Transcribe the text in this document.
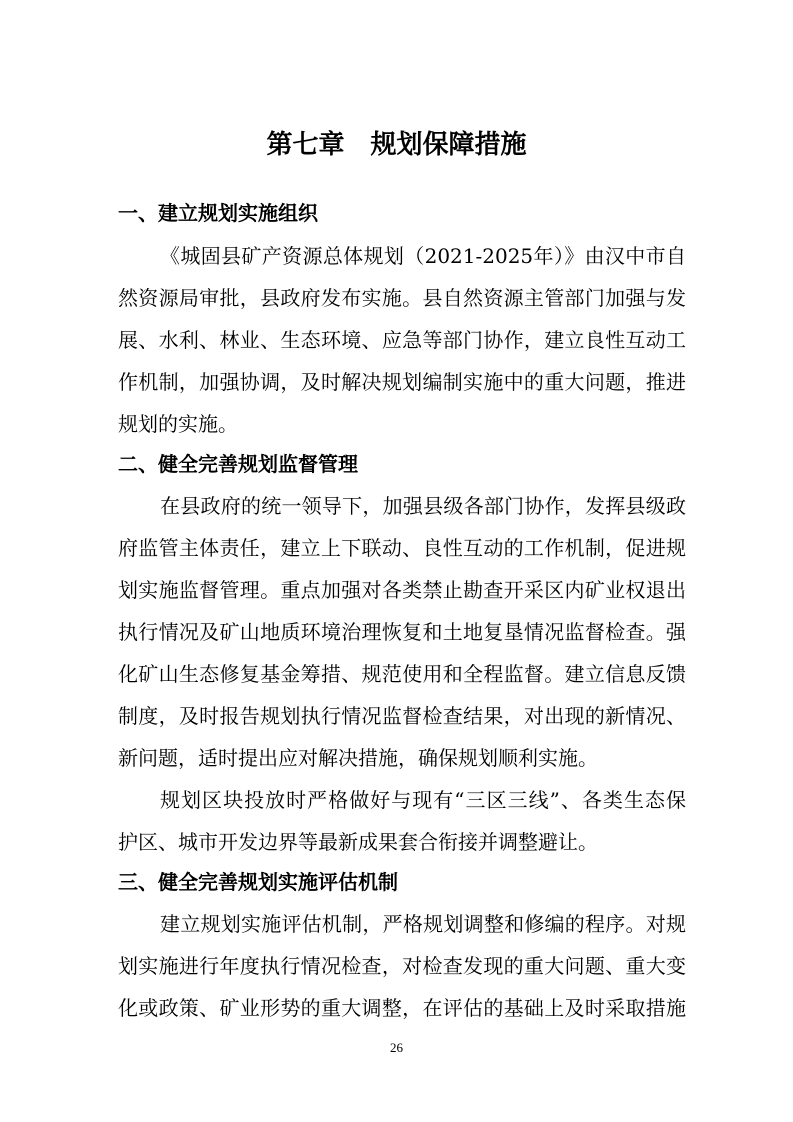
第七章　规划保障措施
一、建立规划实施组织
《城固县矿产资源总体规划（2021-2025年）》由汉中市自
然资源局审批，县政府发布实施。县自然资源主管部门加强与发
展、水利、林业、生态环境、应急等部门协作，建立良性互动工
作机制，加强协调，及时解决规划编制实施中的重大问题，推进
规划的实施。
二、健全完善规划监督管理
在县政府的统一领导下，加强县级各部门协作，发挥县级政
府监管主体责任，建立上下联动、良性互动的工作机制，促进规
划实施监督管理。重点加强对各类禁止勘查开采区内矿业权退出
执行情况及矿山地质环境治理恢复和土地复垦情况监督检查。强
化矿山生态修复基金筹措、规范使用和全程监督。建立信息反馈
制度，及时报告规划执行情况监督检查结果，对出现的新情况、
新问题，适时提出应对解决措施，确保规划顺利实施。
规划区块投放时严格做好与现有“三区三线”、各类生态保
护区、城市开发边界等最新成果套合衔接并调整避让。
三、健全完善规划实施评估机制
建立规划实施评估机制，严格规划调整和修编的程序。对规
划实施进行年度执行情况检查，对检查发现的重大问题、重大变
化或政策、矿业形势的重大调整，在评估的基础上及时采取措施
26
